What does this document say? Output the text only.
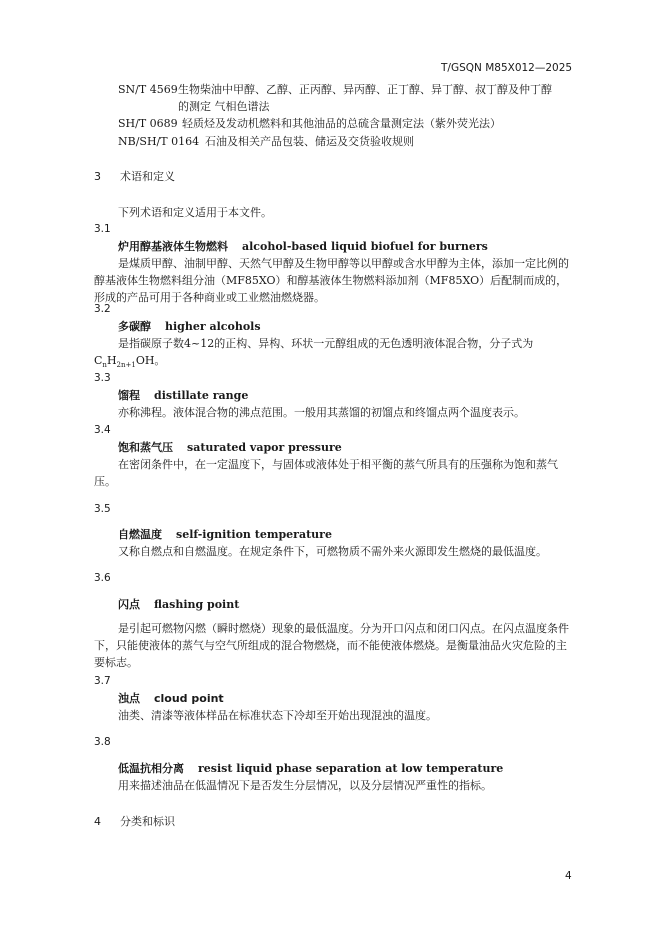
T/GSQN M85X012—2025
SN/T 4569 生物柴油中甲醇、乙醇、正丙醇、异丙醇、正丁醇、异丁醇、叔丁醇及仲丁醇
的测定 气相色谱法
SH/T 0689 轻质烃及发动机燃料和其他油品的总硫含量测定法（紫外荧光法）
NB/SH/T 0164 石油及相关产品包装、储运及交货验收规则
3 术语和定义
下列术语和定义适用于本文件。
3.1
炉用醇基液体生物燃料 alcohol-based liquid biofuel for burners
是煤质甲醇、油制甲醇、天然气甲醇及生物甲醇等以甲醇或含水甲醇为主体，添加一定比例的醇基液体生物燃料组分油（MF85XO）和醇基液体生物燃料添加剂（MF85XO）后配制而成的，形成的产品可用于各种商业或工业燃油燃烧器。
3.2
多碳醇 higher alcohols
是指碳原子数4~12的正构、异构、环状一元醇组成的无色透明液体混合物，分子式为
$C_nH_{2n+1}OH$。
3.3
馏程 distillate range
亦称沸程。液体混合物的沸点范围。一般用其蒸馏的初馏点和终馏点两个温度表示。
3.4
饱和蒸气压 saturated vapor pressure
在密闭条件中，在一定温度下，与固体或液体处于相平衡的蒸气所具有的压强称为饱和蒸气压。
3.5
自燃温度 self-ignition temperature
又称自燃点和自燃温度。在规定条件下，可燃物质不需外来火源即发生燃烧的最低温度。
3.6
闪点 flashing point
是引起可燃物闪燃（瞬时燃烧）现象的最低温度。分为开口闪点和闭口闪点。在闪点温度条件下，只能使液体的蒸气与空气所组成的混合物燃烧，而不能使液体燃烧。是衡量油品火灾危险的主要标志。
3.7
浊点 cloud point
油类、清漆等液体样品在标准状态下冷却至开始出现混浊的温度。
3.8
低温抗相分离 resist liquid phase separation at low temperature
用来描述油品在低温情况下是否发生分层情况，以及分层情况严重性的指标。
4 分类和标识
4
